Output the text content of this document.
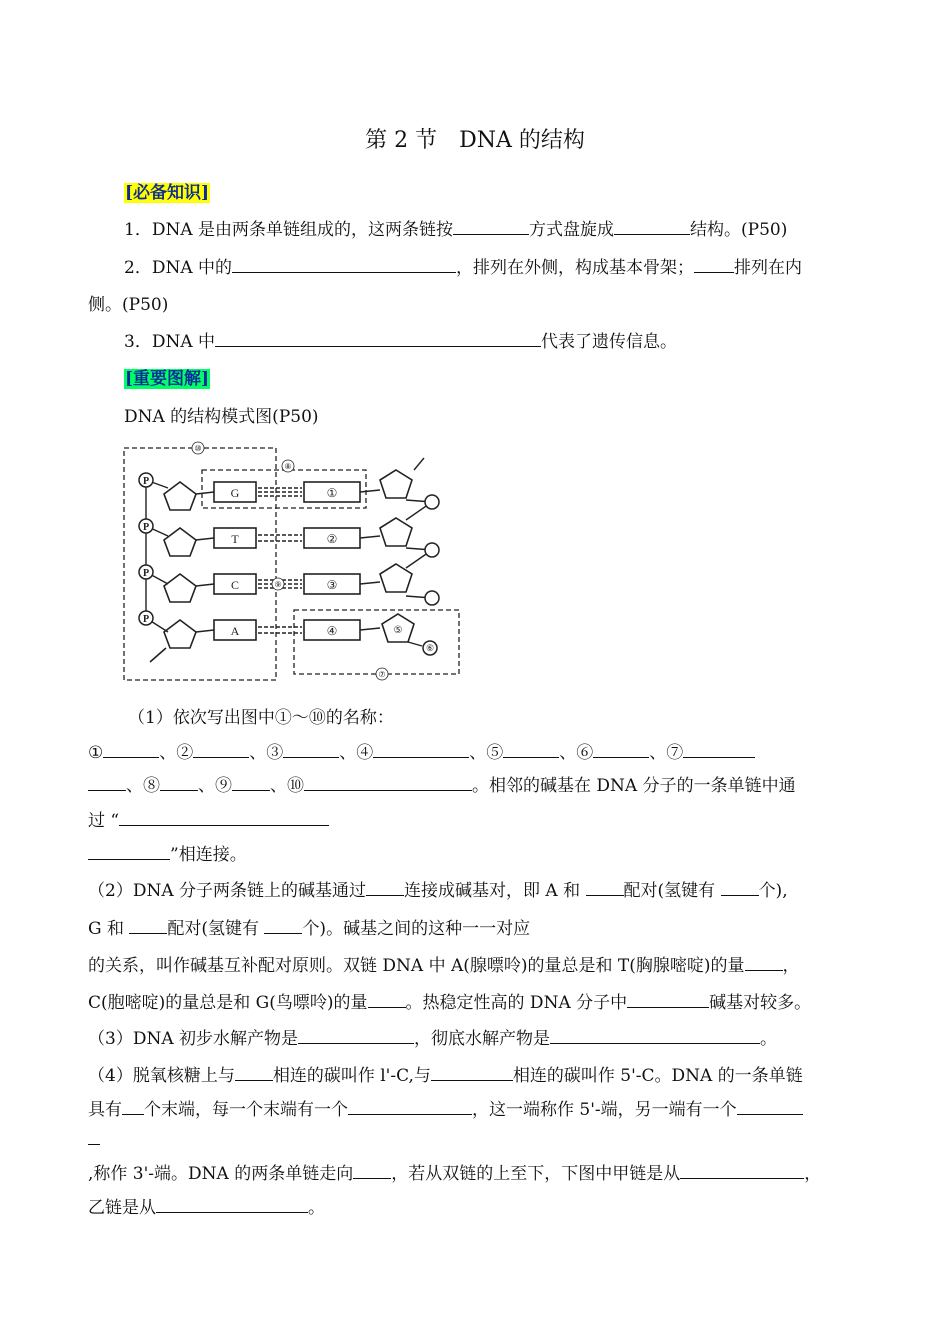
第 2 节　DNA 的结构
[必备知识]
1．DNA 是由两条单链组成的，这两条链按	方式盘旋成	结构。(P50)
2．DNA 中的	，排列在外侧，构成基本骨架； 排列在内
侧。(P50)
3．DNA 中	代表了遗传信息。
[重要图解]
DNA 的结构模式图(P50)
⑩
⑧
⑦
P
G	①
P
T	②
P
C	⑨	③
P
A	④	⑤
⑥
（1）依次写出图中①～⑩的名称：
①	、②	、③	、④	、⑤	、⑥	、⑦
、⑧ 、⑨ 、⑩	。相邻的碱基在 DNA 分子的一条单链中通
过 “
”相连接。
（2）DNA 分子两条链上的碱基通过 连接成碱基对，即 A 和 配对(氢键有 个),
G 和 配对(氢键有 个)。碱基之间的这种一一对应
的关系，叫作碱基互补配对原则。双链 DNA 中 A(腺嘌呤)的量总是和 T(胸腺嘧啶)的量 ，
C(胞嘧啶)的量总是和 G(鸟嘌呤)的量 。热稳定性高的 DNA 分子中	碱基对较多。
（3）DNA 初步水解产物是	，彻底水解产物是	。
（4）脱氧核糖上与 相连的碳叫作 l'-C,与	相连的碳叫作 5'-C。DNA 的一条单链
具有 个末端，每一个末端有一个	，这一端称作 5'-端，另一端有一个
,称作 3'-端。DNA 的两条单链走向 ，若从双链的上至下，下图中甲链是从	，
乙链是从	。
